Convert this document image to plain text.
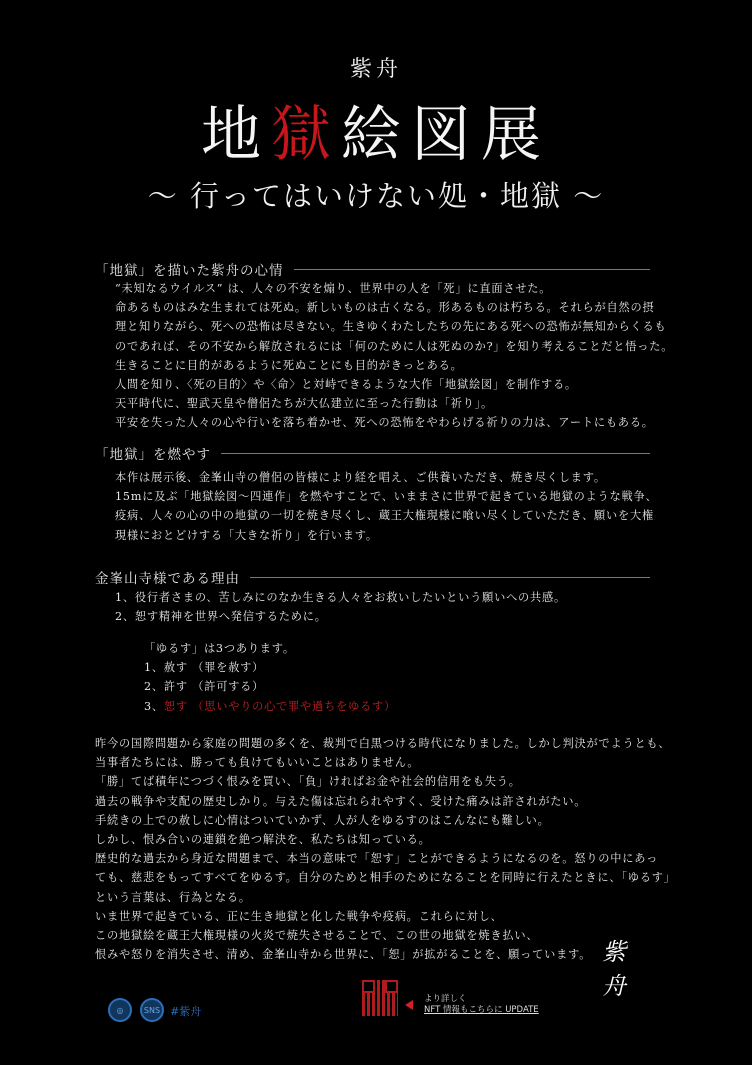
紫舟
地獄絵図展
〜 行ってはいけない処・地獄 〜
「地獄」を描いた紫舟の心情
“未知なるウイルス” は、人々の不安を煽り、世界中の人を「死」に直面させた。
命あるものはみな生まれては死ぬ。新しいものは古くなる。形あるものは朽ちる。それらが自然の摂
理と知りながら、死への恐怖は尽きない。生きゆくわたしたちの先にある死への恐怖が無知からくるも
のであれば、その不安から解放されるには「何のために人は死ぬのか?」を知り考えることだと悟った。
生きることに目的があるように死ぬことにも目的がきっとある。
人間を知り、〈死の目的〉や〈命〉と対峙できるような大作「地獄絵図」を制作する。
天平時代に、聖武天皇や僧侶たちが大仏建立に至った行動は「祈り」。
平安を失った人々の心や行いを落ち着かせ、死への恐怖をやわらげる祈りの力は、アートにもある。
「地獄」を燃やす
本作は展示後、金峯山寺の僧侶の皆様により経を唱え、ご供養いただき、焼き尽くします。
15mに及ぶ「地獄絵図〜四連作」を燃やすことで、いままさに世界で起きている地獄のような戦争、
疫病、人々の心の中の地獄の一切を焼き尽くし、蔵王大権現様に喰い尽くしていただき、願いを大権
現様におとどけする「大きな祈り」を行います。
金峯山寺様である理由
1、役行者さまの、苦しみにのなか生きる人々をお救いしたいという願いへの共感。
2、恕す精神を世界へ発信するために。
「ゆるす」は3つあります。
1、赦す （罪を赦す）
2、許す （許可する）
3、恕す （思いやりの心で罪や過ちをゆるす）
昨今の国際問題から家庭の問題の多くを、裁判で白黒つける時代になりました。しかし判決がでようとも、
当事者たちには、勝っても負けてもいいことはありません。
「勝」てば積年につづく恨みを買い、「負」ければお金や社会的信用をも失う。
過去の戦争や支配の歴史しかり。与えた傷は忘れられやすく、受けた痛みは許されがたい。
手続きの上での赦しに心情はついていかず、人が人をゆるすのはこんなにも難しい。
しかし、恨み合いの連鎖を絶つ解決を、私たちは知っている。
歴史的な過去から身近な問題まで、本当の意味で「恕す」ことができるようになるのを。怒りの中にあっ
ても、慈悲をもってすべてをゆるす。自分のためと相手のためになることを同時に行えたときに、「ゆるす」
という言葉は、行為となる。
いま世界で起きている、正に生き地獄と化した戦争や疫病。これらに対し、
この地獄絵を蔵王大権現様の火炎で焼失させることで、この世の地獄を焼き払い、
恨みや怒りを消失させ、清め、金峯山寺から世界に、「恕」が拡がることを、願っています。 紫舟
◎	SNS #紫舟
より詳しく
NFT 情報もこちらに UPDATE
